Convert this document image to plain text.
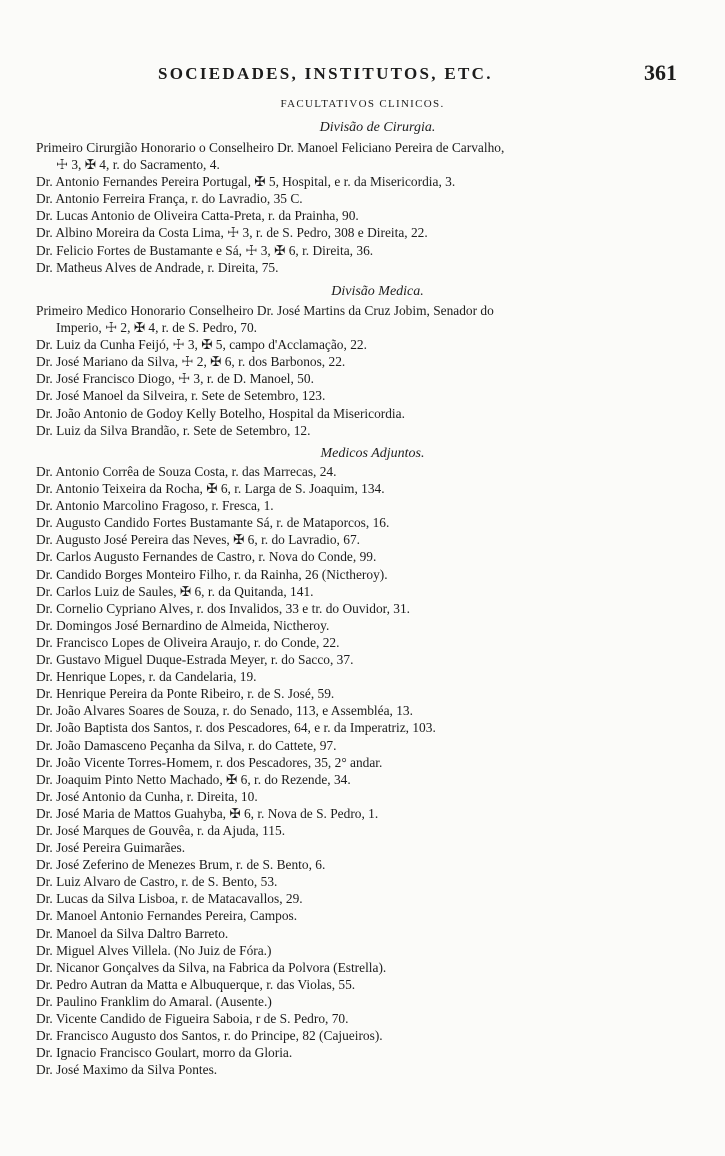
SOCIEDADES, INSTITUTOS, ETC.	361
FACULTATIVOS CLINICOS.
Divisão de Cirurgia.
Primeiro Cirurgião Honorario o Conselheiro Dr. Manoel Feliciano Pereira de Carvalho,
☩ 3, ✠ 4, r. do Sacramento, 4.
Dr. Antonio Fernandes Pereira Portugal, ✠ 5, Hospital, e r. da Misericordia, 3.
Dr. Antonio Ferreira França, r. do Lavradio, 35 C.
Dr. Lucas Antonio de Oliveira Catta-Preta, r. da Prainha, 90.
Dr. Albino Moreira da Costa Lima, ☩ 3, r. de S. Pedro, 308 e Direita, 22.
Dr. Felicio Fortes de Bustamante e Sá, ☩ 3, ✠ 6, r. Direita, 36.
Dr. Matheus Alves de Andrade, r. Direita, 75.
Divisão Medica.
Primeiro Medico Honorario Conselheiro Dr. José Martins da Cruz Jobim, Senador do
Imperio, ☩ 2, ✠ 4, r. de S. Pedro, 70.
Dr. Luiz da Cunha Feijó, ☩ 3, ✠ 5, campo d'Acclamação, 22.
Dr. José Mariano da Silva, ☩ 2, ✠ 6, r. dos Barbonos, 22.
Dr. José Francisco Diogo, ☩ 3, r. de D. Manoel, 50.
Dr. José Manoel da Silveira, r. Sete de Setembro, 123.
Dr. João Antonio de Godoy Kelly Botelho, Hospital da Misericordia.
Dr. Luiz da Silva Brandão, r. Sete de Setembro, 12.
Medicos Adjuntos.
Dr. Antonio Corrêa de Souza Costa, r. das Marrecas, 24.
Dr. Antonio Teixeira da Rocha, ✠ 6, r. Larga de S. Joaquim, 134.
Dr. Antonio Marcolino Fragoso, r. Fresca, 1.
Dr. Augusto Candido Fortes Bustamante Sá, r. de Mataporcos, 16.
Dr. Augusto José Pereira das Neves, ✠ 6, r. do Lavradio, 67.
Dr. Carlos Augusto Fernandes de Castro, r. Nova do Conde, 99.
Dr. Candido Borges Monteiro Filho, r. da Rainha, 26 (Nictheroy).
Dr. Carlos Luiz de Saules, ✠ 6, r. da Quitanda, 141.
Dr. Cornelio Cypriano Alves, r. dos Invalidos, 33 e tr. do Ouvidor, 31.
Dr. Domingos José Bernardino de Almeida, Nictheroy.
Dr. Francisco Lopes de Oliveira Araujo, r. do Conde, 22.
Dr. Gustavo Miguel Duque-Estrada Meyer, r. do Sacco, 37.
Dr. Henrique Lopes, r. da Candelaria, 19.
Dr. Henrique Pereira da Ponte Ribeiro, r. de S. José, 59.
Dr. João Alvares Soares de Souza, r. do Senado, 113, e Assembléa, 13.
Dr. João Baptista dos Santos, r. dos Pescadores, 64, e r. da Imperatriz, 103.
Dr. João Damasceno Peçanha da Silva, r. do Cattete, 97.
Dr. João Vicente Torres-Homem, r. dos Pescadores, 35, 2° andar.
Dr. Joaquim Pinto Netto Machado, ✠ 6, r. do Rezende, 34.
Dr. José Antonio da Cunha, r. Direita, 10.
Dr. José Maria de Mattos Guahyba, ✠ 6, r. Nova de S. Pedro, 1.
Dr. José Marques de Gouvêa, r. da Ajuda, 115.
Dr. José Pereira Guimarães.
Dr. José Zeferino de Menezes Brum, r. de S. Bento, 6.
Dr. Luiz Alvaro de Castro, r. de S. Bento, 53.
Dr. Lucas da Silva Lisboa, r. de Matacavallos, 29.
Dr. Manoel Antonio Fernandes Pereira, Campos.
Dr. Manoel da Silva Daltro Barreto.
Dr. Miguel Alves Villela. (No Juiz de Fóra.)
Dr. Nicanor Gonçalves da Silva, na Fabrica da Polvora (Estrella).
Dr. Pedro Autran da Matta e Albuquerque, r. das Violas, 55.
Dr. Paulino Franklim do Amaral. (Ausente.)
Dr. Vicente Candido de Figueira Saboia, r de S. Pedro, 70.
Dr. Francisco Augusto dos Santos, r. do Principe, 82 (Cajueiros).
Dr. Ignacio Francisco Goulart, morro da Gloria.
Dr. José Maximo da Silva Pontes.
